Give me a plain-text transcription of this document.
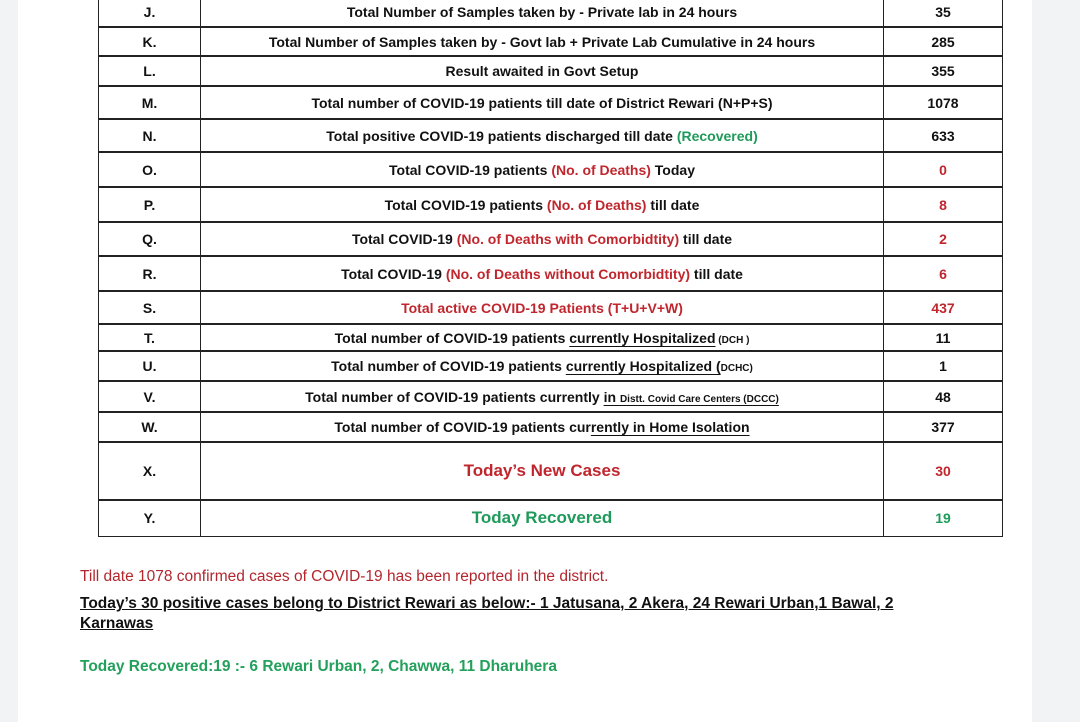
J.	Total Number of Samples taken by - Private lab in 24 hours	35
K.	Total Number of Samples taken by - Govt lab + Private Lab Cumulative in 24 hours	285
L.	Result awaited in Govt Setup	355
M.	Total number of COVID-19 patients till date of District Rewari (N+P+S)	1078
N.	Total positive COVID-19 patients discharged till date (Recovered)	633
O.	Total COVID-19 patients (No. of Deaths) Today	0
P.	Total COVID-19 patients (No. of Deaths) till date	8
Q.	Total COVID-19 (No. of Deaths with Comorbidtity) till date	2
R.	Total COVID-19 (No. of Deaths without Comorbidtity) till date	6
S.	Total active COVID-19 Patients (T+U+V+W)	437
T.	Total number of COVID-19 patients currently Hospitalized (DCH )	11
U.	Total number of COVID-19 patients currently Hospitalized (DCHC)	1
V.	Total number of COVID-19 patients currently in Distt. Covid Care Centers (DCCC)	48
W.	Total number of COVID-19 patients currently in Home Isolation	377
X.	Today’s New Cases	30
Y.	Today Recovered	19
Till date 1078 confirmed cases of COVID-19 has been reported in the district.
Today’s 30 positive cases belong to District Rewari as below:- 1 Jatusana, 2 Akera, 24 Rewari Urban,1 Bawal, 2 Karnawas
Today Recovered:19 :- 6 Rewari Urban, 2, Chawwa, 11 Dharuhera
